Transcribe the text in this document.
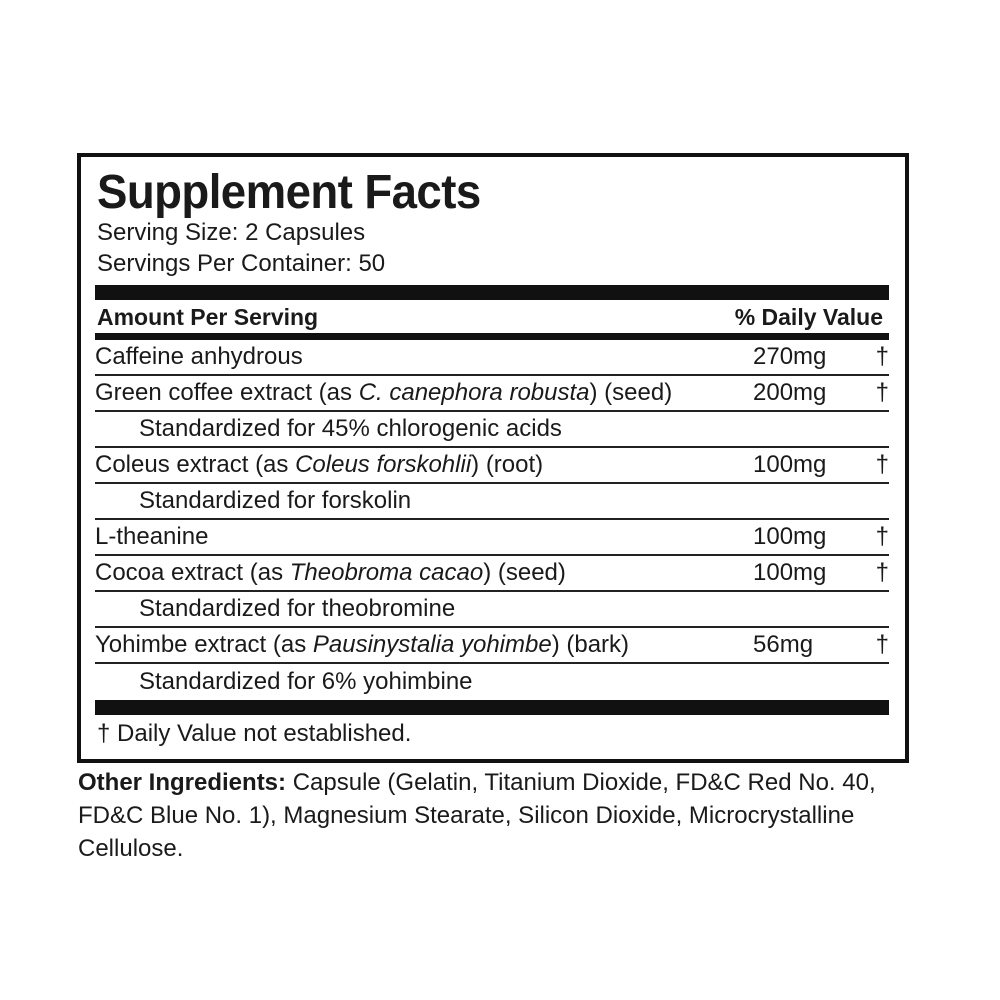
Supplement Facts
Serving Size: 2 Capsules
Servings Per Container: 50
Amount Per Serving	% Daily Value
Caffeine anhydrous	270mg	†
Green coffee extract (as C. canephora robusta) (seed)	200mg	†
Standardized for 45% chlorogenic acids
Coleus extract (as Coleus forskohlii) (root)	100mg	†
Standardized for forskolin
L-theanine	100mg	†
Cocoa extract (as Theobroma cacao) (seed)	100mg	†
Standardized for theobromine
Yohimbe extract (as Pausinystalia yohimbe) (bark)	56mg	†
Standardized for 6% yohimbine
† Daily Value not established.
Other Ingredients: Capsule (Gelatin, Titanium Dioxide, FD&C Red No. 40, FD&C Blue No. 1), Magnesium Stearate, Silicon Dioxide, Microcrystalline Cellulose.
